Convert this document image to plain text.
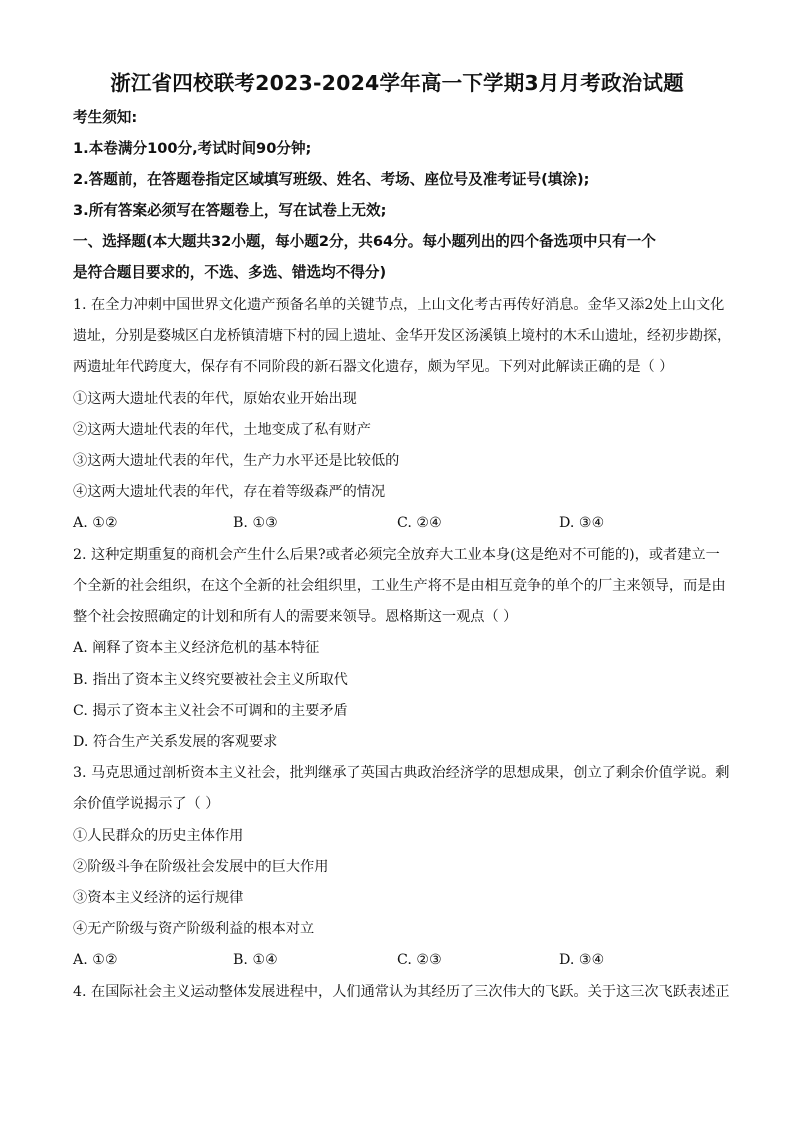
浙江省四校联考2023-2024学年高一下学期3月月考政治试题
考生须知:
1.本卷满分100分,考试时间90分钟;
2.答题前，在答题卷指定区域填写班级、姓名、考场、座位号及准考证号(填涂);
3.所有答案必须写在答题卷上，写在试卷上无效;
一、选择题(本大题共32小题，每小题2分，共64分。每小题列出的四个备选项中只有一个
是符合题目要求的，不选、多选、错选均不得分)
1. 在全力冲刺中国世界文化遗产预备名单的关键节点，上山文化考古再传好消息。金华又添2处上山文化
遗址，分别是婺城区白龙桥镇清塘下村的园上遗址、金华开发区汤溪镇上境村的木禾山遗址，经初步勘探，
两遗址年代跨度大，保存有不同阶段的新石器文化遗存，颇为罕见。下列对此解读正确的是（ ）
①这两大遗址代表的年代，原始农业开始出现
②这两大遗址代表的年代，土地变成了私有财产
③这两大遗址代表的年代，生产力水平还是比较低的
④这两大遗址代表的年代，存在着等级森严的情况
A. ①②	B. ①③	C. ②④	D. ③④
2. 这种定期重复的商机会产生什么后果?或者必须完全放弃大工业本身(这是绝对不可能的)，或者建立一
个全新的社会组织，在这个全新的社会组织里，工业生产将不是由相互竞争的单个的厂主来领导，而是由
整个社会按照确定的计划和所有人的需要来领导。恩格斯这一观点（ ）
A. 阐释了资本主义经济危机的基本特征
B. 指出了资本主义终究要被社会主义所取代
C. 揭示了资本主义社会不可调和的主要矛盾
D. 符合生产关系发展的客观要求
3. 马克思通过剖析资本主义社会，批判继承了英国古典政治经济学的思想成果，创立了剩余价值学说。剩
余价值学说揭示了（ ）
①人民群众的历史主体作用
②阶级斗争在阶级社会发展中的巨大作用
③资本主义经济的运行规律
④无产阶级与资产阶级利益的根本对立
A. ①②	B. ①④	C. ②③	D. ③④
4. 在国际社会主义运动整体发展进程中，人们通常认为其经历了三次伟大的飞跃。关于这三次飞跃表述正
